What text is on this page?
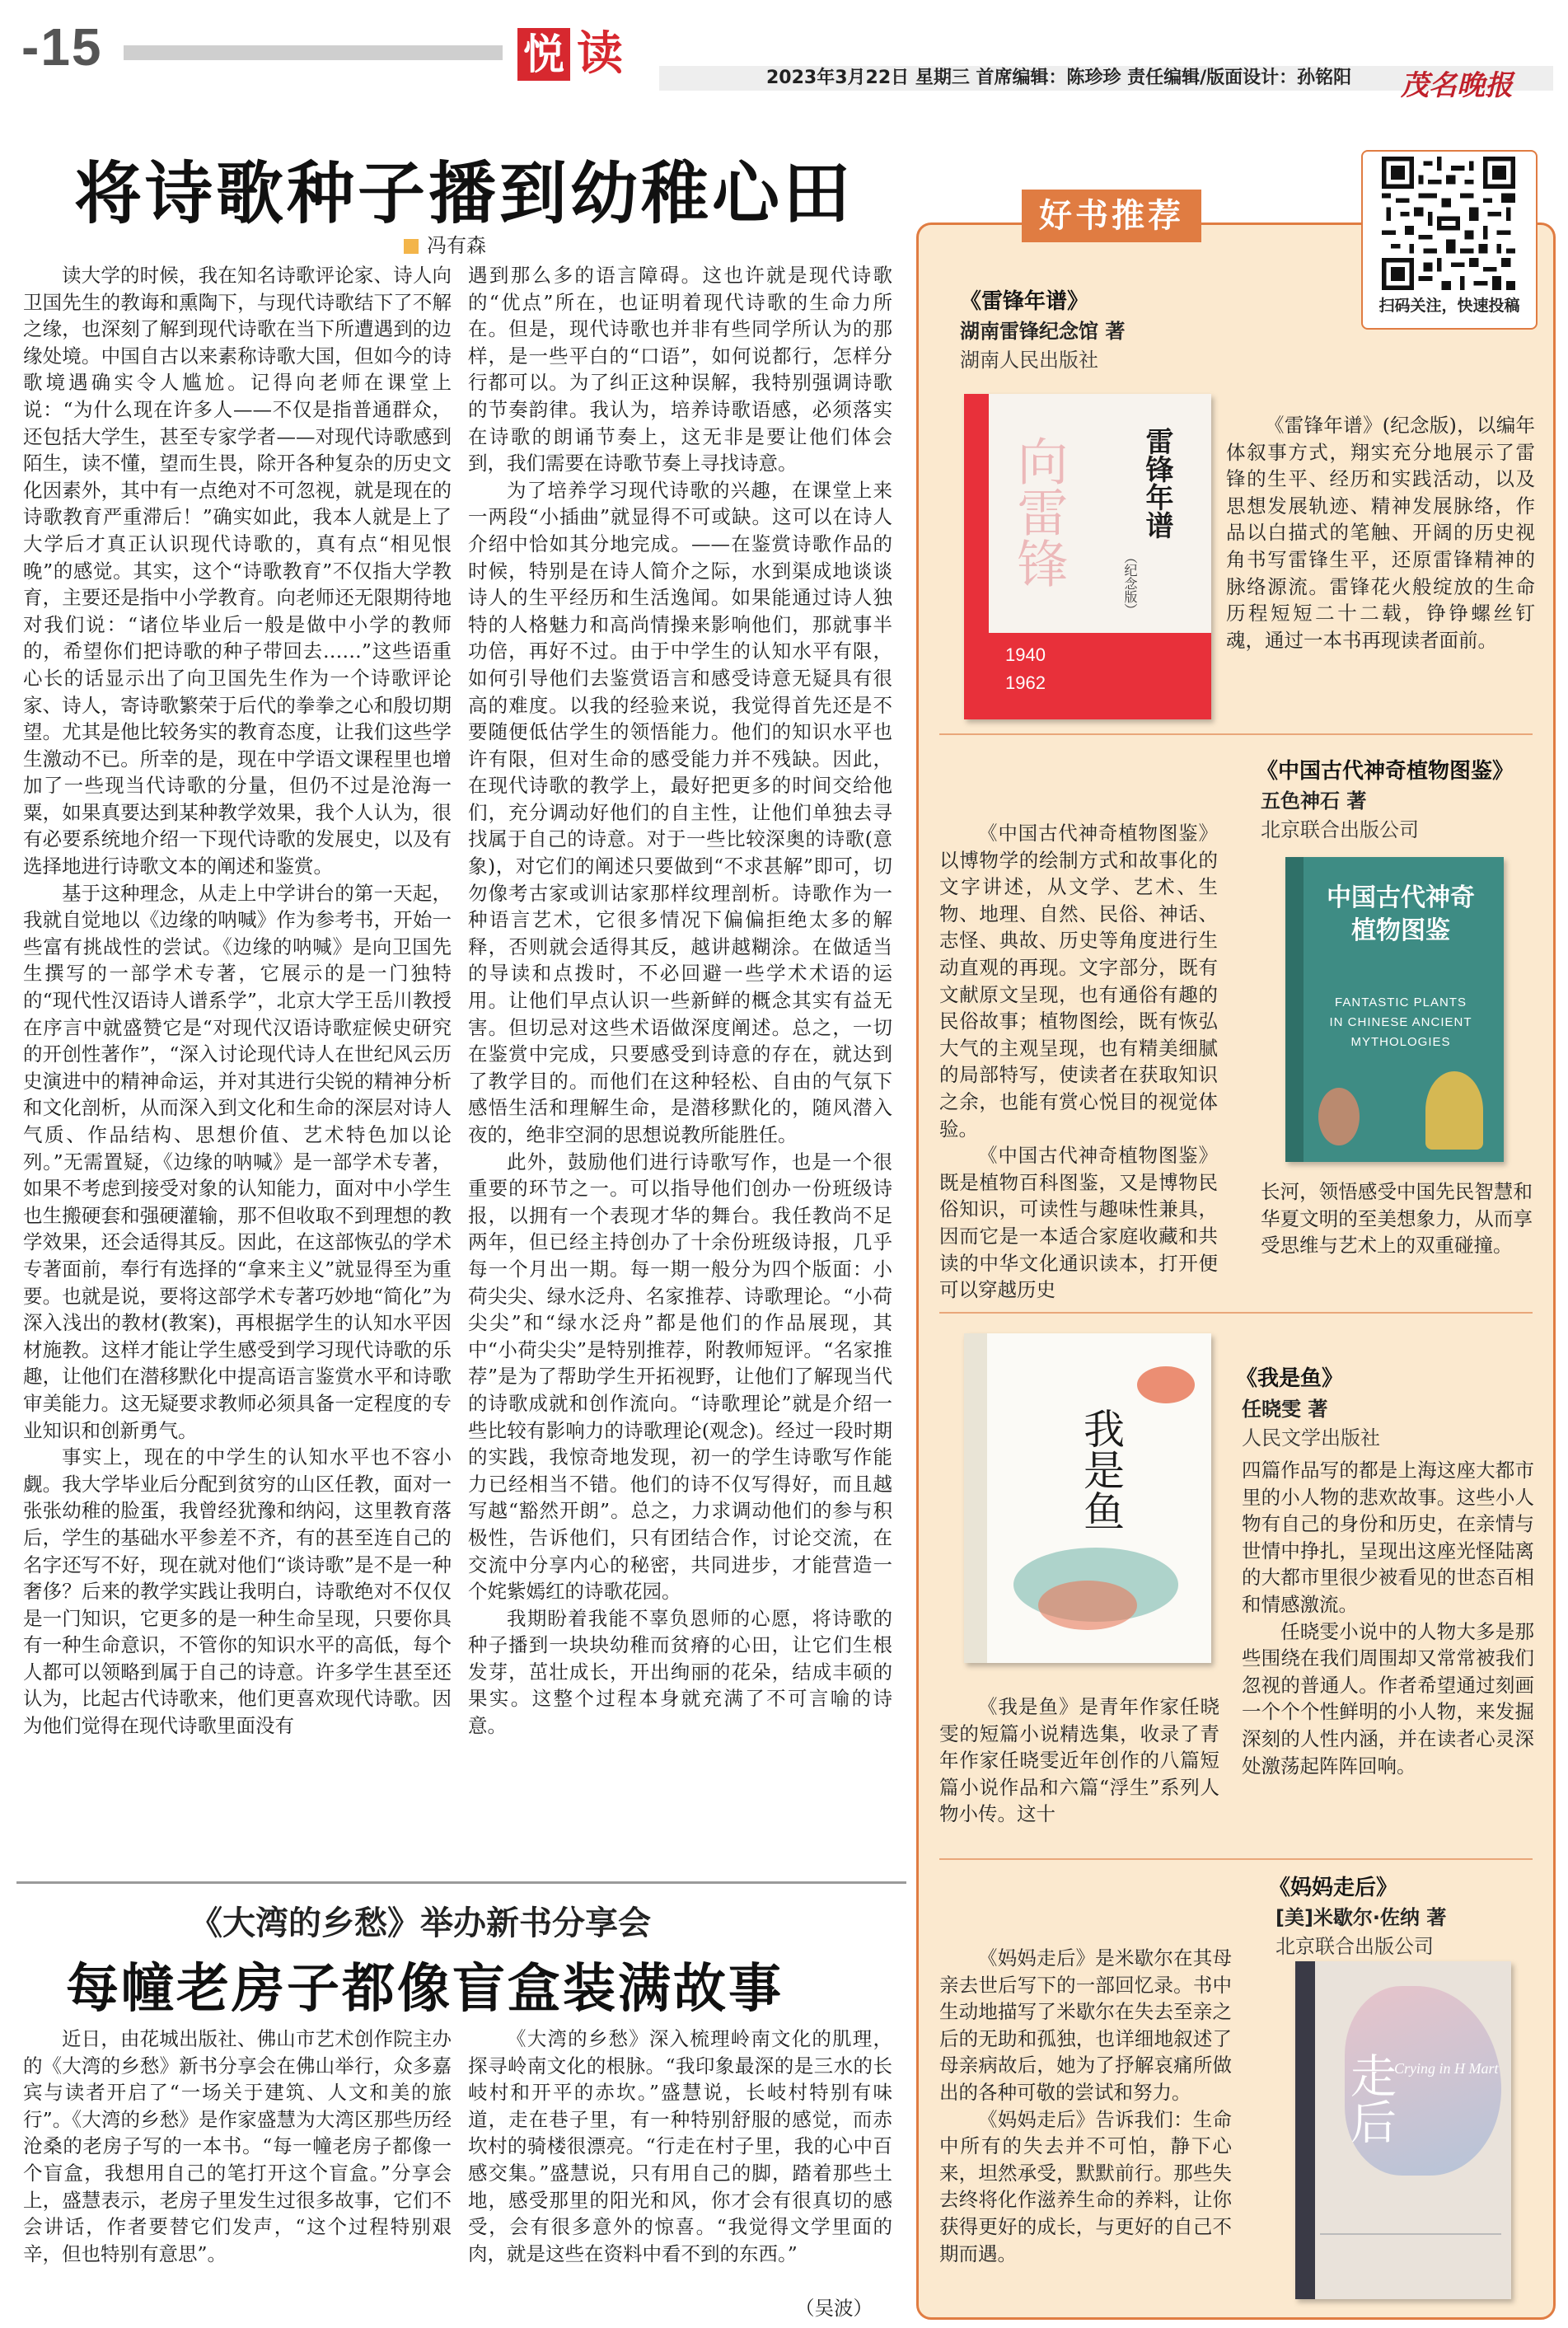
-15	悦 读	2023年3月22日 星期三 首席编辑：陈珍珍 责任编辑/版面设计：孙铭阳 茂名晚报
将诗歌种子播到幼稚心田
冯有森

读大学的时候，我在知名诗歌评论家、诗人向卫国先生的教诲和熏陶下，与现代诗歌结下了不解之缘，也深刻了解到现代诗歌在当下所遭遇到的边缘处境。中国自古以来素称诗歌大国，但如今的诗歌境遇确实令人尴尬。记得向老师在课堂上说：“为什么现在许多人——不仅是指普通群众，还包括大学生，甚至专家学者——对现代诗歌感到陌生，读不懂，望而生畏，除开各种复杂的历史文化因素外，其中有一点绝对不可忽视，就是现在的诗歌教育严重滞后！”确实如此，我本人就是上了大学后才真正认识现代诗歌的，真有点“相见恨晚”的感觉。其实，这个“诗歌教育”不仅指大学教育，主要还是指中小学教育。向老师还无限期待地对我们说：“诸位毕业后一般是做中小学的教师的，希望你们把诗歌的种子带回去……”这些语重心长的话显示出了向卫国先生作为一个诗歌评论家、诗人，寄诗歌繁荣于后代的拳拳之心和殷切期望。尤其是他比较务实的教育态度，让我们这些学生激动不已。所幸的是，现在中学语文课程里也增加了一些现当代诗歌的分量，但仍不过是沧海一粟，如果真要达到某种教学效果，我个人认为，很有必要系统地介绍一下现代诗歌的发展史，以及有选择地进行诗歌文本的阐述和鉴赏。

基于这种理念，从走上中学讲台的第一天起，我就自觉地以《边缘的呐喊》作为参考书，开始一些富有挑战性的尝试。《边缘的呐喊》是向卫国先生撰写的一部学术专著，它展示的是一门独特的“现代性汉语诗人谱系学”，北京大学王岳川教授在序言中就盛赞它是“对现代汉语诗歌症候史研究的开创性著作”，“深入讨论现代诗人在世纪风云历史演进中的精神命运，并对其进行尖锐的精神分析和文化剖析，从而深入到文化和生命的深层对诗人气质、作品结构、思想价值、艺术特色加以论列。”无需置疑，《边缘的呐喊》是一部学术专著，如果不考虑到接受对象的认知能力，面对中小学生也生搬硬套和强硬灌输，那不但收取不到理想的教学效果，还会适得其反。因此，在这部恢弘的学术专著面前，奉行有选择的“拿来主义”就显得至为重要。也就是说，要将这部学术专著巧妙地“简化”为深入浅出的教材(教案)，再根据学生的认知水平因材施教。这样才能让学生感受到学习现代诗歌的乐趣，让他们在潜移默化中提高语言鉴赏水平和诗歌审美能力。这无疑要求教师必须具备一定程度的专业知识和创新勇气。

事实上，现在的中学生的认知水平也不容小觑。我大学毕业后分配到贫穷的山区任教，面对一张张幼稚的脸蛋，我曾经犹豫和纳闷，这里教育落后，学生的基础水平参差不齐，有的甚至连自己的名字还写不好，现在就对他们“谈诗歌”是不是一种奢侈？后来的教学实践让我明白，诗歌绝对不仅仅是一门知识，它更多的是一种生命呈现，只要你具有一种生命意识，不管你的知识水平的高低，每个人都可以领略到属于自己的诗意。许多学生甚至还认为，比起古代诗歌来，他们更喜欢现代诗歌。因为他们觉得在现代诗歌里面没有

遇到那么多的语言障碍。这也许就是现代诗歌的“优点”所在，也证明着现代诗歌的生命力所在。但是，现代诗歌也并非有些同学所认为的那样，是一些平白的“口语”，如何说都行，怎样分行都可以。为了纠正这种误解，我特别强调诗歌的节奏韵律。我认为，培养诗歌语感，必须落实在诗歌的朗诵节奏上，这无非是要让他们体会到，我们需要在诗歌节奏上寻找诗意。

为了培养学习现代诗歌的兴趣，在课堂上来一两段“小插曲”就显得不可或缺。这可以在诗人介绍中恰如其分地完成。——在鉴赏诗歌作品的时候，特别是在诗人简介之际，水到渠成地谈谈诗人的生平经历和生活逸闻。如果能通过诗人独特的人格魅力和高尚情操来影响他们，那就事半功倍，再好不过。由于中学生的认知水平有限，如何引导他们去鉴赏语言和感受诗意无疑具有很高的难度。以我的经验来说，我觉得首先还是不要随便低估学生的领悟能力。他们的知识水平也许有限，但对生命的感受能力并不残缺。因此，在现代诗歌的教学上，最好把更多的时间交给他们，充分调动好他们的自主性，让他们单独去寻找属于自己的诗意。对于一些比较深奥的诗歌(意象)，对它们的阐述只要做到“不求甚解”即可，切勿像考古家或训诂家那样纹理剖析。诗歌作为一种语言艺术，它很多情况下偏偏拒绝太多的解释，否则就会适得其反，越讲越糊涂。在做适当的导读和点拨时，不必回避一些学术术语的运用。让他们早点认识一些新鲜的概念其实有益无害。但切忌对这些术语做深度阐述。总之，一切在鉴赏中完成，只要感受到诗意的存在，就达到了教学目的。而他们在这种轻松、自由的气氛下感悟生活和理解生命，是潜移默化的，随风潜入夜的，绝非空洞的思想说教所能胜任。

此外，鼓励他们进行诗歌写作，也是一个很重要的环节之一。可以指导他们创办一份班级诗报，以拥有一个表现才华的舞台。我任教尚不足两年，但已经主持创办了十余份班级诗报，几乎每一个月出一期。每一期一般分为四个版面：小荷尖尖、绿水泛舟、名家推荐、诗歌理论。“小荷尖尖”和“绿水泛舟”都是他们的作品展现，其中“小荷尖尖”是特别推荐，附教师短评。“名家推荐”是为了帮助学生开拓视野，让他们了解现当代的诗歌成就和创作流向。“诗歌理论”就是介绍一些比较有影响力的诗歌理论(观念)。经过一段时期的实践，我惊奇地发现，初一的学生诗歌写作能力已经相当不错。他们的诗不仅写得好，而且越写越“豁然开朗”。总之，力求调动他们的参与积极性，告诉他们，只有团结合作，讨论交流，在交流中分享内心的秘密，共同进步，才能营造一个姹紫嫣红的诗歌花园。

我期盼着我能不辜负恩师的心愿，将诗歌的种子播到一块块幼稚而贫瘠的心田，让它们生根发芽，茁壮成长，开出绚丽的花朵，结成丰硕的果实。这整个过程本身就充满了不可言喻的诗意。

《大湾的乡愁》举办新书分享会
每幢老房子都像盲盒装满故事

近日，由花城出版社、佛山市艺术创作院主办的《大湾的乡愁》新书分享会在佛山举行，众多嘉宾与读者开启了“一场关于建筑、人文和美的旅行”。《大湾的乡愁》是作家盛慧为大湾区那些历经沧桑的老房子写的一本书。“每一幢老房子都像一个盲盒，我想用自己的笔打开这个盲盒。”分享会上，盛慧表示，老房子里发生过很多故事，它们不会讲话，作者要替它们发声，“这个过程特别艰辛，但也特别有意思”。

《大湾的乡愁》深入梳理岭南文化的肌理，探寻岭南文化的根脉。“我印象最深的是三水的长岐村和开平的赤坎。”盛慧说，长岐村特别有味道，走在巷子里，有一种特别舒服的感觉，而赤坎村的骑楼很漂亮。“行走在村子里，我的心中百感交集。”盛慧说，只有用自己的脚，踏着那些土地，感受那里的阳光和风，你才会有很真切的感受，会有很多意外的惊喜。“我觉得文学里面的肉，就是这些在资料中看不到的东西。”

（吴波）
好书推荐
扫码关注，快速投稿
《雷锋年谱》
湖南雷锋纪念馆 著
湖南人民出版社
雷锋年谱
（纪念版）
向雷锋
1940
1962

《雷锋年谱》(纪念版)，以编年体叙事方式，翔实充分地展示了雷锋的生平、经历和实践活动，以及思想发展轨迹、精神发展脉络，作品以白描式的笔触、开阔的历史视角书写雷锋生平，还原雷锋精神的脉络源流。雷锋花火般绽放的生命历程短短二十二载，铮铮螺丝钉魂，通过一本书再现读者面前。

《中国古代神奇植物图鉴》
五色神石 著
北京联合出版公司

《中国古代神奇植物图鉴》以博物学的绘制方式和故事化的文字讲述，从文学、艺术、生物、地理、自然、民俗、神话、志怪、典故、历史等角度进行生动直观的再现。文字部分，既有文献原文呈现，也有通俗有趣的民俗故事；植物图绘，既有恢弘大气的主观呈现，也有精美细腻的局部特写，使读者在获取知识之余，也能有赏心悦目的视觉体验。

《中国古代神奇植物图鉴》既是植物百科图鉴，又是博物民俗知识，可读性与趣味性兼具，因而它是一本适合家庭收藏和共读的中华文化通识读本，打开便可以穿越历史

中国古代神奇植物图鉴
FANTASTIC PLANTS IN CHINESE ANCIENT MYTHOLOGIES

长河，领悟感受中国先民智慧和华夏文明的至美想象力，从而享受思维与艺术上的双重碰撞。

我是鱼
《我是鱼》
任晓雯 著
人民文学出版社

四篇作品写的都是上海这座大都市里的小人物的悲欢故事。这些小人物有自己的身份和历史，在亲情与世情中挣扎，呈现出这座光怪陆离的大都市里很少被看见的世态百相和情感激流。

任晓雯小说中的人物大多是那些围绕在我们周围却又常常被我们忽视的普通人。作者希望通过刻画一个个个性鲜明的小人物，来发掘深刻的人性内涵，并在读者心灵深处激荡起阵阵回响。

《我是鱼》是青年作家任晓雯的短篇小说精选集，收录了青年作家任晓雯近年创作的八篇短篇小说作品和六篇“浮生”系列人物小传。这十

《妈妈走后》
[美]米歇尔·佐纳 著
北京联合出版公司

《妈妈走后》是米歇尔在其母亲去世后写下的一部回忆录。书中生动地描写了米歇尔在失去至亲之后的无助和孤独，也详细地叙述了母亲病故后，她为了抒解哀痛所做出的各种可敬的尝试和努力。

《妈妈走后》告诉我们：生命中所有的失去并不可怕，静下心来，坦然承受，默默前行。那些失去终将化作滋养生命的养料，让你获得更好的成长，与更好的自己不期而遇。

走后
Crying in H Mart
